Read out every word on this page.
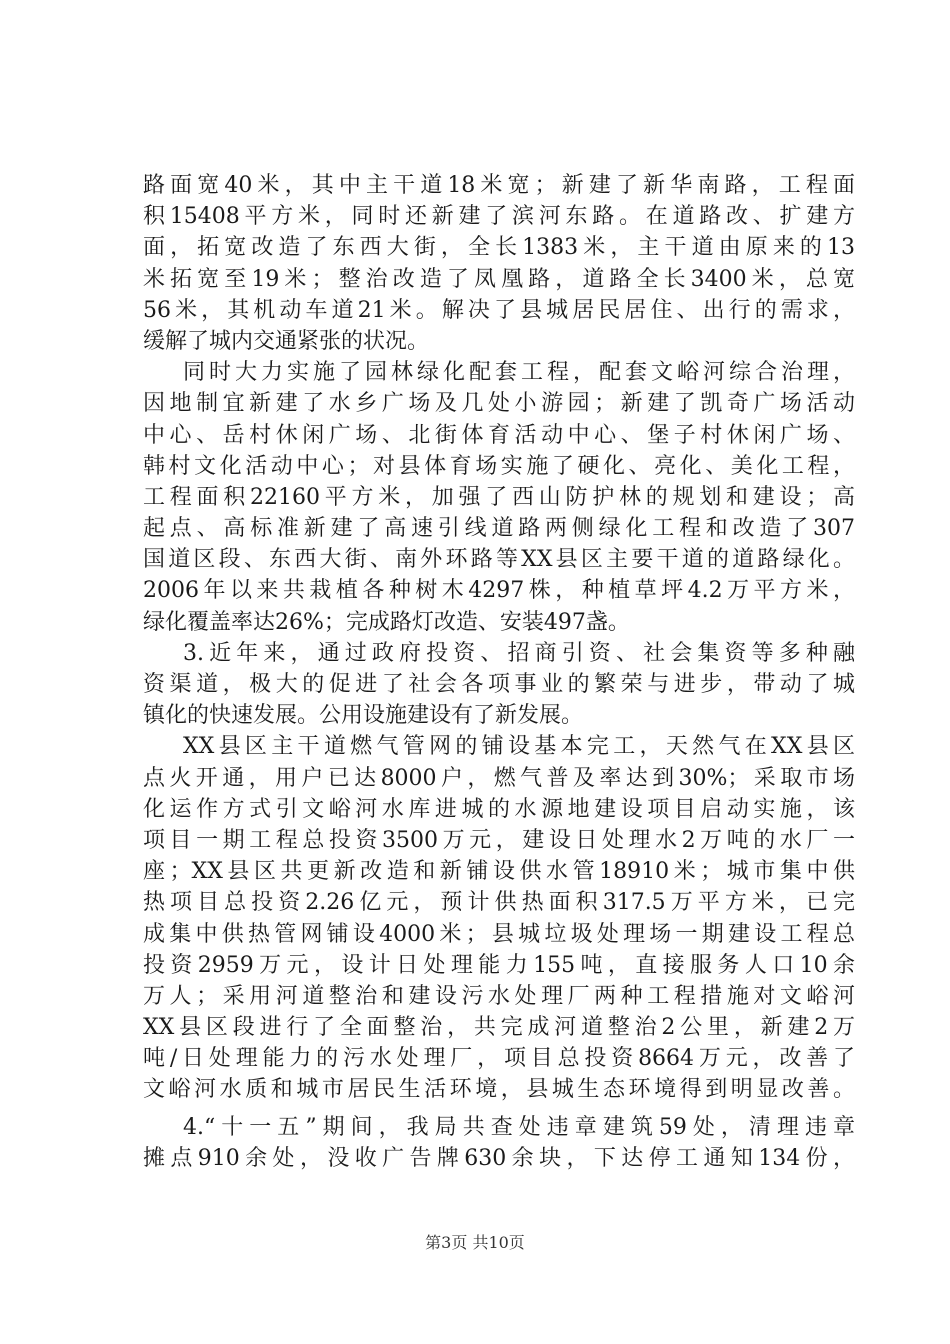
路面宽40米，其中主干道18米宽；新建了新华南路，工程面
积15408平方米，同时还新建了滨河东路。在道路改、扩建方
面，拓宽改造了东西大街，全长1383米，主干道由原来的13
米拓宽至19米；整治改造了凤凰路，道路全长3400米，总宽
56米，其机动车道21米。解决了县城居民居住、出行的需求，
缓解了城内交通紧张的状况。
同时大力实施了园林绿化配套工程，配套文峪河综合治理，
因地制宜新建了水乡广场及几处小游园；新建了凯奇广场活动
中心、岳村休闲广场、北街体育活动中心、堡子村休闲广场、
韩村文化活动中心；对县体育场实施了硬化、亮化、美化工程，
工程面积22160平方米，加强了西山防护林的规划和建设；高
起点、高标准新建了高速引线道路两侧绿化工程和改造了307
国道区段、东西大街、南外环路等XX县区主要干道的道路绿化。
2006年以来共栽植各种树木4297株，种植草坪4.2万平方米，
绿化覆盖率达26%；完成路灯改造、安装497盏。
3.近年来，通过政府投资、招商引资、社会集资等多种融
资渠道，极大的促进了社会各项事业的繁荣与进步，带动了城
镇化的快速发展。公用设施建设有了新发展。
XX县区主干道燃气管网的铺设基本完工，天然气在XX县区
点火开通，用户已达8000户，燃气普及率达到30%；采取市场
化运作方式引文峪河水库进城的水源地建设项目启动实施，该
项目一期工程总投资3500万元，建设日处理水2万吨的水厂一
座；XX县区共更新改造和新铺设供水管18910米；城市集中供
热项目总投资2.26亿元，预计供热面积317.5万平方米，已完
成集中供热管网铺设4000米；县城垃圾处理场一期建设工程总
投资2959万元，设计日处理能力155吨，直接服务人口10余
万人；采用河道整治和建设污水处理厂两种工程措施对文峪河
XX县区段进行了全面整治，共完成河道整治2公里，新建2万
吨/日处理能力的污水处理厂，项目总投资8664万元，改善了
文峪河水质和城市居民生活环境，县城生态环境得到明显改善。
4.“十一五”期间，我局共查处违章建筑59处，清理违章
摊点910余处，没收广告牌630余块，下达停工通知134份，
第3页 共10页
